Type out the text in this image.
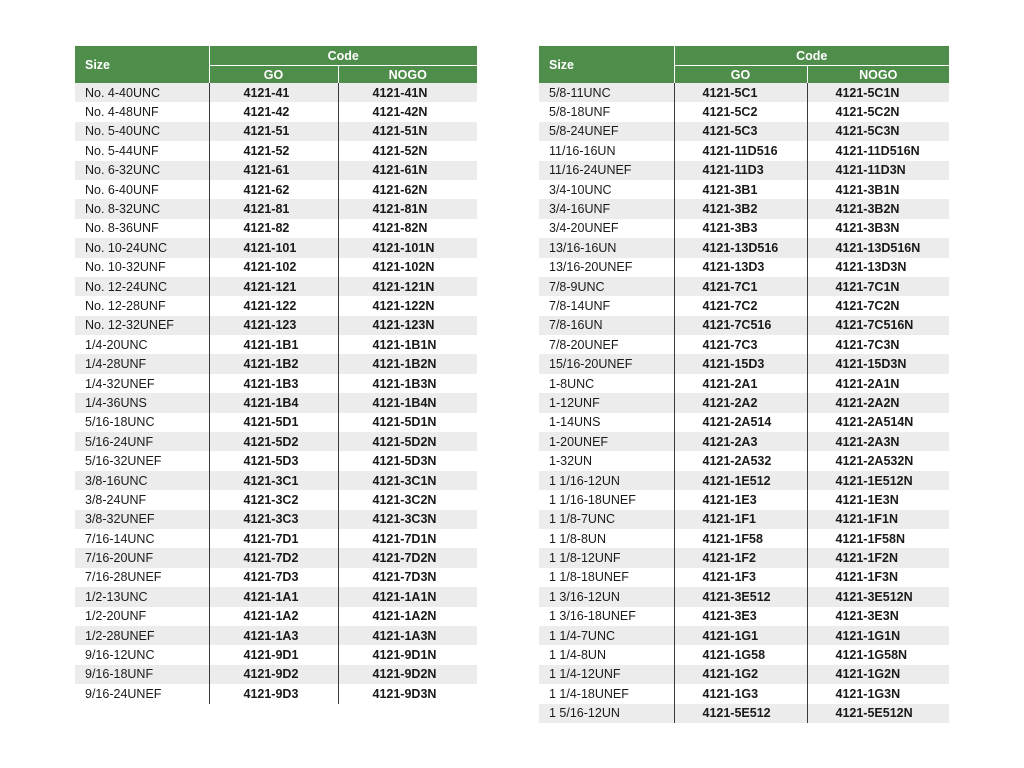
Size	Code	
	GO	NOGO
No. 4-40UNC	4121-41	4121-41N
No. 4-48UNF	4121-42	4121-42N
No. 5-40UNC	4121-51	4121-51N
No. 5-44UNF	4121-52	4121-52N
No. 6-32UNC	4121-61	4121-61N
No. 6-40UNF	4121-62	4121-62N
No. 8-32UNC	4121-81	4121-81N
No. 8-36UNF	4121-82	4121-82N
No. 10-24UNC	4121-101	4121-101N
No. 10-32UNF	4121-102	4121-102N
No. 12-24UNC	4121-121	4121-121N
No. 12-28UNF	4121-122	4121-122N
No. 12-32UNEF	4121-123	4121-123N
1/4-20UNC	4121-1B1	4121-1B1N
1/4-28UNF	4121-1B2	4121-1B2N
1/4-32UNEF	4121-1B3	4121-1B3N
1/4-36UNS	4121-1B4	4121-1B4N
5/16-18UNC	4121-5D1	4121-5D1N
5/16-24UNF	4121-5D2	4121-5D2N
5/16-32UNEF	4121-5D3	4121-5D3N
3/8-16UNC	4121-3C1	4121-3C1N
3/8-24UNF	4121-3C2	4121-3C2N
3/8-32UNEF	4121-3C3	4121-3C3N
7/16-14UNC	4121-7D1	4121-7D1N
7/16-20UNF	4121-7D2	4121-7D2N
7/16-28UNEF	4121-7D3	4121-7D3N
1/2-13UNC	4121-1A1	4121-1A1N
1/2-20UNF	4121-1A2	4121-1A2N
1/2-28UNEF	4121-1A3	4121-1A3N
9/16-12UNC	4121-9D1	4121-9D1N
9/16-18UNF	4121-9D2	4121-9D2N
9/16-24UNEF	4121-9D3	4121-9D3N
Size	Code	
	GO	NOGO
5/8-11UNC	4121-5C1	4121-5C1N
5/8-18UNF	4121-5C2	4121-5C2N
5/8-24UNEF	4121-5C3	4121-5C3N
11/16-16UN	4121-11D516	4121-11D516N
11/16-24UNEF	4121-11D3	4121-11D3N
3/4-10UNC	4121-3B1	4121-3B1N
3/4-16UNF	4121-3B2	4121-3B2N
3/4-20UNEF	4121-3B3	4121-3B3N
13/16-16UN	4121-13D516	4121-13D516N
13/16-20UNEF	4121-13D3	4121-13D3N
7/8-9UNC	4121-7C1	4121-7C1N
7/8-14UNF	4121-7C2	4121-7C2N
7/8-16UN	4121-7C516	4121-7C516N
7/8-20UNEF	4121-7C3	4121-7C3N
15/16-20UNEF	4121-15D3	4121-15D3N
1-8UNC	4121-2A1	4121-2A1N
1-12UNF	4121-2A2	4121-2A2N
1-14UNS	4121-2A514	4121-2A514N
1-20UNEF	4121-2A3	4121-2A3N
1-32UN	4121-2A532	4121-2A532N
1 1/16-12UN	4121-1E512	4121-1E512N
1 1/16-18UNEF	4121-1E3	4121-1E3N
1 1/8-7UNC	4121-1F1	4121-1F1N
1 1/8-8UN	4121-1F58	4121-1F58N
1 1/8-12UNF	4121-1F2	4121-1F2N
1 1/8-18UNEF	4121-1F3	4121-1F3N
1 3/16-12UN	4121-3E512	4121-3E512N
1 3/16-18UNEF	4121-3E3	4121-3E3N
1 1/4-7UNC	4121-1G1	4121-1G1N
1 1/4-8UN	4121-1G58	4121-1G58N
1 1/4-12UNF	4121-1G2	4121-1G2N
1 1/4-18UNEF	4121-1G3	4121-1G3N
1 5/16-12UN	4121-5E512	4121-5E512N
